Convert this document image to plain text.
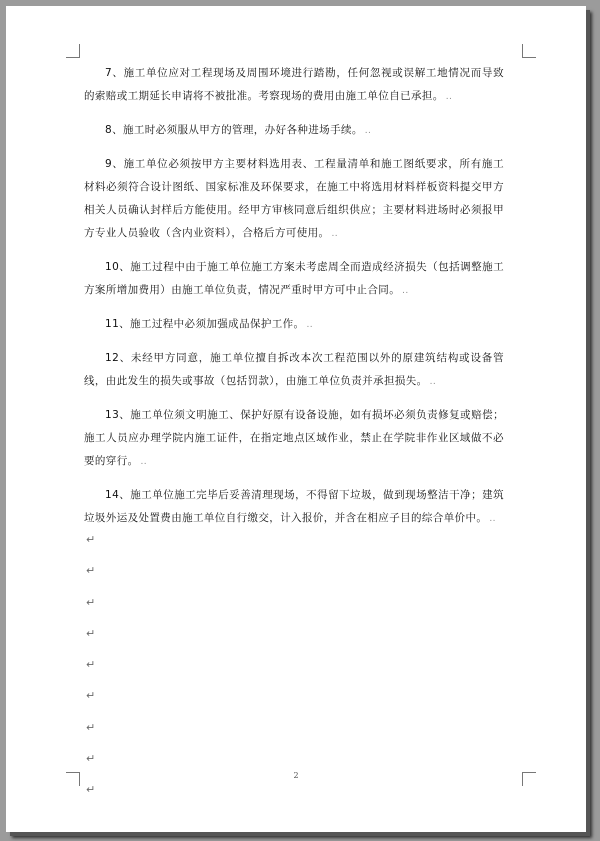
7、施工单位应对工程现场及周围环境进行踏勘，任何忽视或误解工地情况而导致的索赔或工期延长申请将不被批准。考察现场的费用由施工单位自已承担。 ..

8、施工时必须服从甲方的管理，办好各种进场手续。 ..

9、施工单位必须按甲方主要材料选用表、工程量清单和施工图纸要求，所有施工材料必须符合设计图纸、国家标准及环保要求，在施工中将选用材料样板资料提交甲方相关人员确认封样后方能使用。经甲方审核同意后组织供应；主要材料进场时必须报甲方专业人员验收（含内业资料），合格后方可使用。 ..

10、施工过程中由于施工单位施工方案未考虑周全而造成经济损失（包括调整施工方案所增加费用）由施工单位负责，情况严重时甲方可中止合同。 ..

11、施工过程中必须加强成品保护工作。 ..

12、未经甲方同意，施工单位擅自拆改本次工程范围以外的原建筑结构或设备管线，由此发生的损失或事故（包括罚款），由施工单位负责并承担损失。 ..

13、施工单位须文明施工、保护好原有设备设施，如有损坏必须负责修复或赔偿；施工人员应办理学院内施工证件，在指定地点区域作业，禁止在学院非作业区域做不必要的穿行。 ..

14、施工单位施工完毕后妥善清理现场，不得留下垃圾，做到现场整洁干净；建筑垃圾外运及处置费由施工单位自行缴交，计入报价，并含在相应子目的综合单价中。 ..

↵
↵
↵
↵
↵
↵
↵
↵
↵
2
